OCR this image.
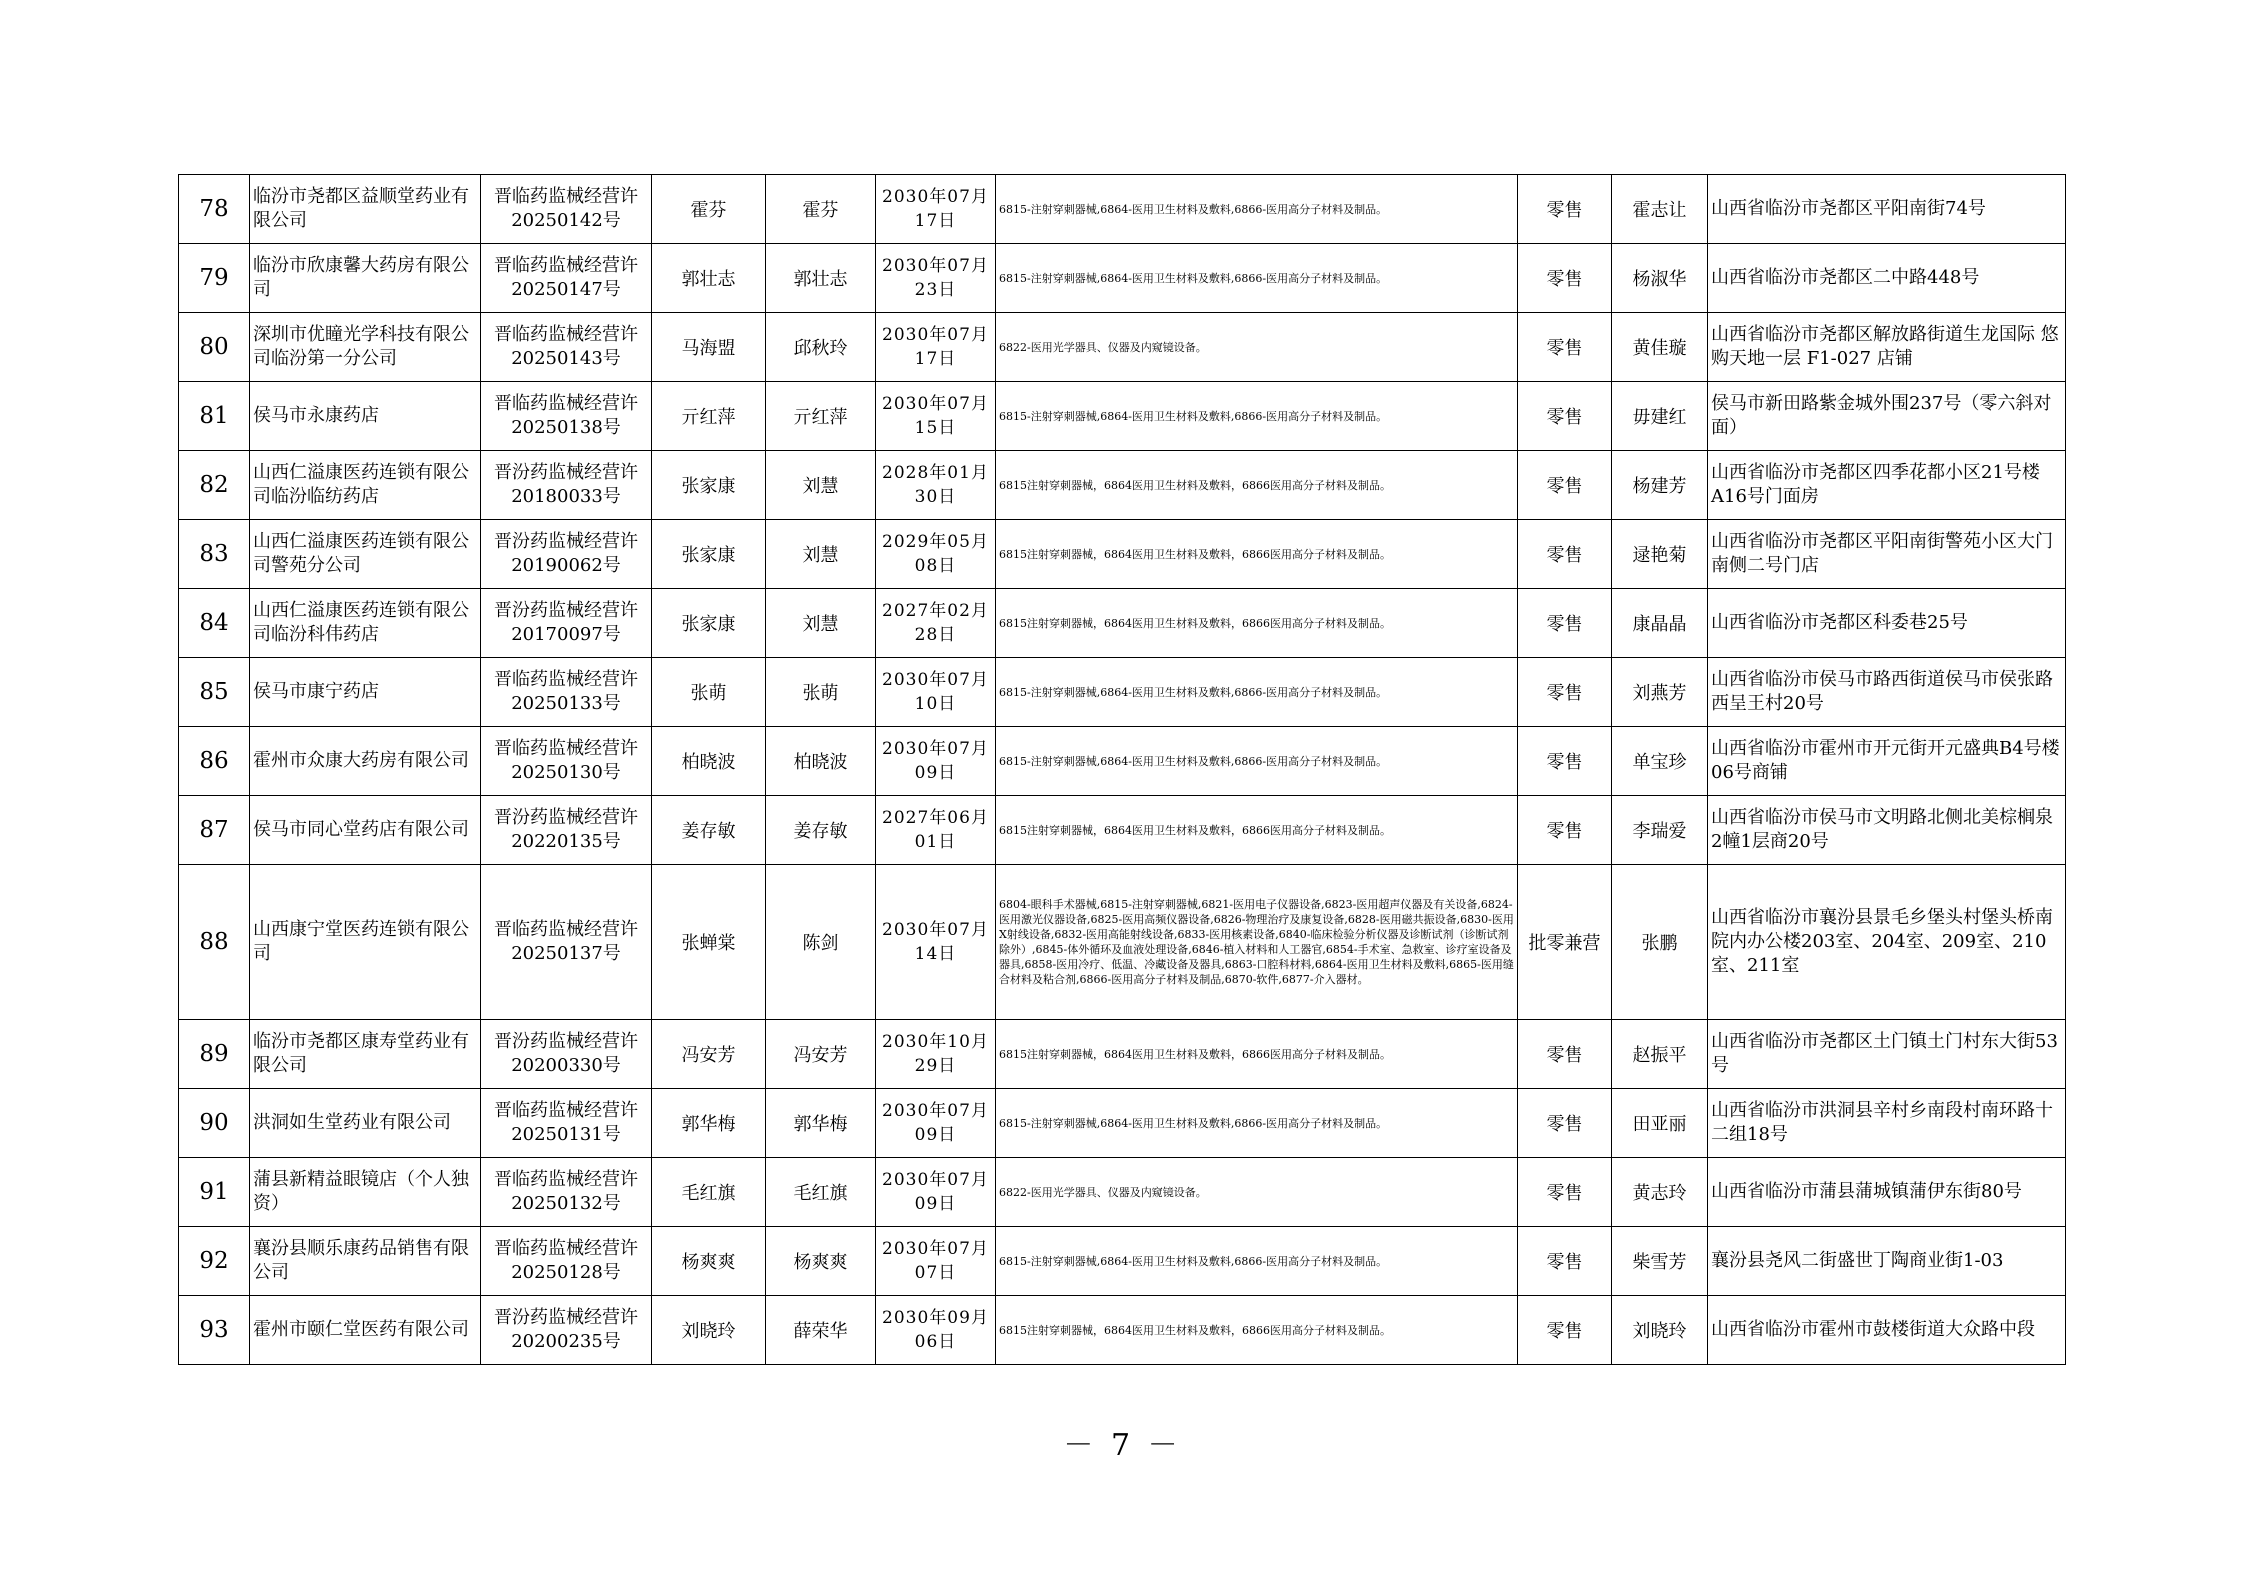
78	临汾市尧都区益顺堂药业有限公司	晋临药监械经营许20250142号	霍芬	霍芬	2030年07月17日	6815-注射穿刺器械,6864-医用卫生材料及敷料,6866-医用高分子材料及制品。	零售	霍志让	山西省临汾市尧都区平阳南街74号
79	临汾市欣康馨大药房有限公司	晋临药监械经营许20250147号	郭壮志	郭壮志	2030年07月23日	6815-注射穿刺器械,6864-医用卫生材料及敷料,6866-医用高分子材料及制品。	零售	杨淑华	山西省临汾市尧都区二中路448号
80	深圳市优瞳光学科技有限公司临汾第一分公司	晋临药监械经营许20250143号	马海盟	邱秋玲	2030年07月17日	6822-医用光学器具、仪器及内窥镜设备。	零售	黄佳璇	山西省临汾市尧都区解放路街道生龙国际 悠购天地一层 F1-027 店铺
81	侯马市永康药店	晋临药监械经营许20250138号	亓红萍	亓红萍	2030年07月15日	6815-注射穿刺器械,6864-医用卫生材料及敷料,6866-医用高分子材料及制品。	零售	毋建红	侯马市新田路紫金城外围237号（零六斜对面）
82	山西仁溢康医药连锁有限公司临汾临纺药店	晋汾药监械经营许20180033号	张家康	刘慧	2028年01月30日	6815注射穿刺器械，6864医用卫生材料及敷料，6866医用高分子材料及制品。	零售	杨建芳	山西省临汾市尧都区四季花都小区21号楼A16号门面房
83	山西仁溢康医药连锁有限公司警苑分公司	晋汾药监械经营许20190062号	张家康	刘慧	2029年05月08日	6815注射穿刺器械，6864医用卫生材料及敷料，6866医用高分子材料及制品。	零售	逯艳菊	山西省临汾市尧都区平阳南街警苑小区大门南侧二号门店
84	山西仁溢康医药连锁有限公司临汾科伟药店	晋汾药监械经营许20170097号	张家康	刘慧	2027年02月28日	6815注射穿刺器械，6864医用卫生材料及敷料，6866医用高分子材料及制品。	零售	康晶晶	山西省临汾市尧都区科委巷25号
85	侯马市康宁药店	晋临药监械经营许20250133号	张萌	张萌	2030年07月10日	6815-注射穿刺器械,6864-医用卫生材料及敷料,6866-医用高分子材料及制品。	零售	刘燕芳	山西省临汾市侯马市路西街道侯马市侯张路西呈王村20号
86	霍州市众康大药房有限公司	晋临药监械经营许20250130号	柏晓波	柏晓波	2030年07月09日	6815-注射穿刺器械,6864-医用卫生材料及敷料,6866-医用高分子材料及制品。	零售	单宝珍	山西省临汾市霍州市开元街开元盛典B4号楼06号商铺
87	侯马市同心堂药店有限公司	晋汾药监械经营许20220135号	姜存敏	姜存敏	2027年06月01日	6815注射穿刺器械，6864医用卫生材料及敷料，6866医用高分子材料及制品。	零售	李瑞爱	山西省临汾市侯马市文明路北侧北美棕榈泉2幢1层商20号
88	山西康宁堂医药连锁有限公司	晋临药监械经营许20250137号	张蝉棠	陈剑	2030年07月14日	6804-眼科手术器械,6815-注射穿刺器械,6821-医用电子仪器设备,6823-医用超声仪器及有关设备,6824-医用激光仪器设备,6825-医用高频仪器设备,6826-物理治疗及康复设备,6828-医用磁共振设备,6830-医用X射线设备,6832-医用高能射线设备,6833-医用核素设备,6840-临床检验分析仪器及诊断试剂（诊断试剂除外）,6845-体外循环及血液处理设备,6846-植入材料和人工器官,6854-手术室、急救室、诊疗室设备及器具,6858-医用冷疗、低温、冷藏设备及器具,6863-口腔科材料,6864-医用卫生材料及敷料,6865-医用缝合材料及粘合剂,6866-医用高分子材料及制品,6870-软件,6877-介入器材。	批零兼营	张鹏	山西省临汾市襄汾县景毛乡堡头村堡头桥南院内办公楼203室、204室、209室、210室、211室
89	临汾市尧都区康寿堂药业有限公司	晋汾药监械经营许20200330号	冯安芳	冯安芳	2030年10月29日	6815注射穿刺器械，6864医用卫生材料及敷料，6866医用高分子材料及制品。	零售	赵振平	山西省临汾市尧都区土门镇土门村东大街53号
90	洪洞如生堂药业有限公司	晋临药监械经营许20250131号	郭华梅	郭华梅	2030年07月09日	6815-注射穿刺器械,6864-医用卫生材料及敷料,6866-医用高分子材料及制品。	零售	田亚丽	山西省临汾市洪洞县辛村乡南段村南环路十二组18号
91	蒲县新精益眼镜店（个人独资）	晋临药监械经营许20250132号	毛红旗	毛红旗	2030年07月09日	6822-医用光学器具、仪器及内窥镜设备。	零售	黄志玲	山西省临汾市蒲县蒲城镇蒲伊东街80号
92	襄汾县顺乐康药品销售有限公司	晋临药监械经营许20250128号	杨爽爽	杨爽爽	2030年07月07日	6815-注射穿刺器械,6864-医用卫生材料及敷料,6866-医用高分子材料及制品。	零售	柴雪芳	襄汾县尧风二街盛世丁陶商业街1-03
93	霍州市颐仁堂医药有限公司	晋汾药监械经营许20200235号	刘晓玲	薛荣华	2030年09月06日	6815注射穿刺器械，6864医用卫生材料及敷料，6866医用高分子材料及制品。	零售	刘晓玲	山西省临汾市霍州市鼓楼街道大众路中段
－ 7 －
